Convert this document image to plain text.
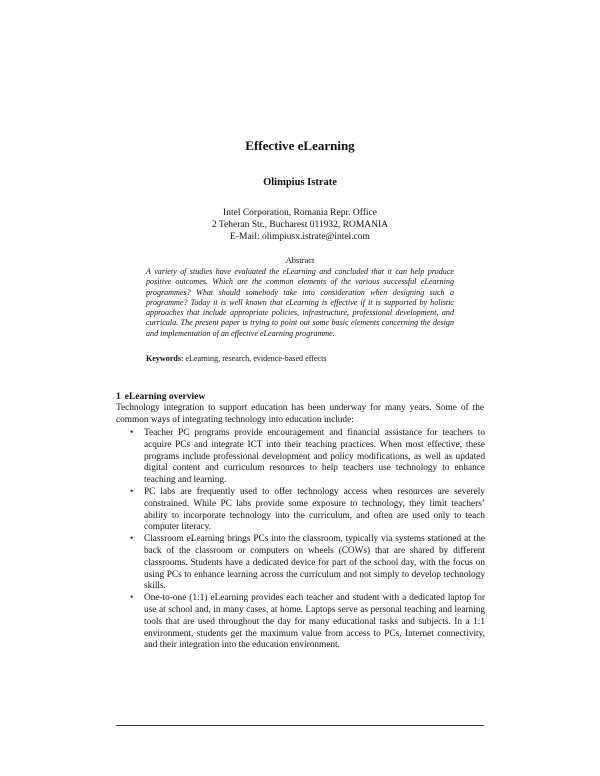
Effective eLearning
Olimpius Istrate
Intel Corporation, Romania Repr. Office
2 Teheran Str., Bucharest 011932, ROMANIA
E-Mail: olimpiusx.istrate@intel.com
Abstract
A variety of studies have evaluated the eLearning and concluded that it can help produce positive outcomes. Which are the common elements of the various successful eLearning programmes? What should somebody take into consideration when designing such a programme? Today it is well known that eLearning is effective if it is supported by holistic approaches that include appropriate policies, infrastructure, professional development, and curricula. The present paper is trying to point out some basic elements concerning the design and implementation of an effective eLearning programme.
Keywords: eLearning, research, evidence-based effects
1 eLearning overview
Technology integration to support education has been underway for many years. Some of the common ways of integrating technology into education include:
• Teacher PC programs provide encouragement and financial assistance for teachers to acquire PCs and integrate ICT into their teaching practices. When most effective, these programs include professional development and policy modifications, as well as updated digital content and curriculum resources to help teachers use technology to enhance teaching and learning.
• PC labs are frequently used to offer technology access when resources are severely constrained. While PC labs provide some exposure to technology, they limit teachers’ ability to incorporate technology into the curriculum, and often are used only to teach computer literacy.
• Classroom eLearning brings PCs into the classroom, typically via systems stationed at the back of the classroom or computers on wheels (COWs) that are shared by different classrooms. Students have a dedicated device for part of the school day, with the focus on using PCs to enhance learning across the curriculum and not simply to develop technology skills.
• One-to-one (1:1) eLearning provides each teacher and student with a dedicated laptop for use at school and, in many cases, at home. Laptops serve as personal teaching and learning tools that are used throughout the day for many educational tasks and subjects. In a 1:1 environment, students get the maximum value from access to PCs, Internet connectivity, and their integration into the education environment.
